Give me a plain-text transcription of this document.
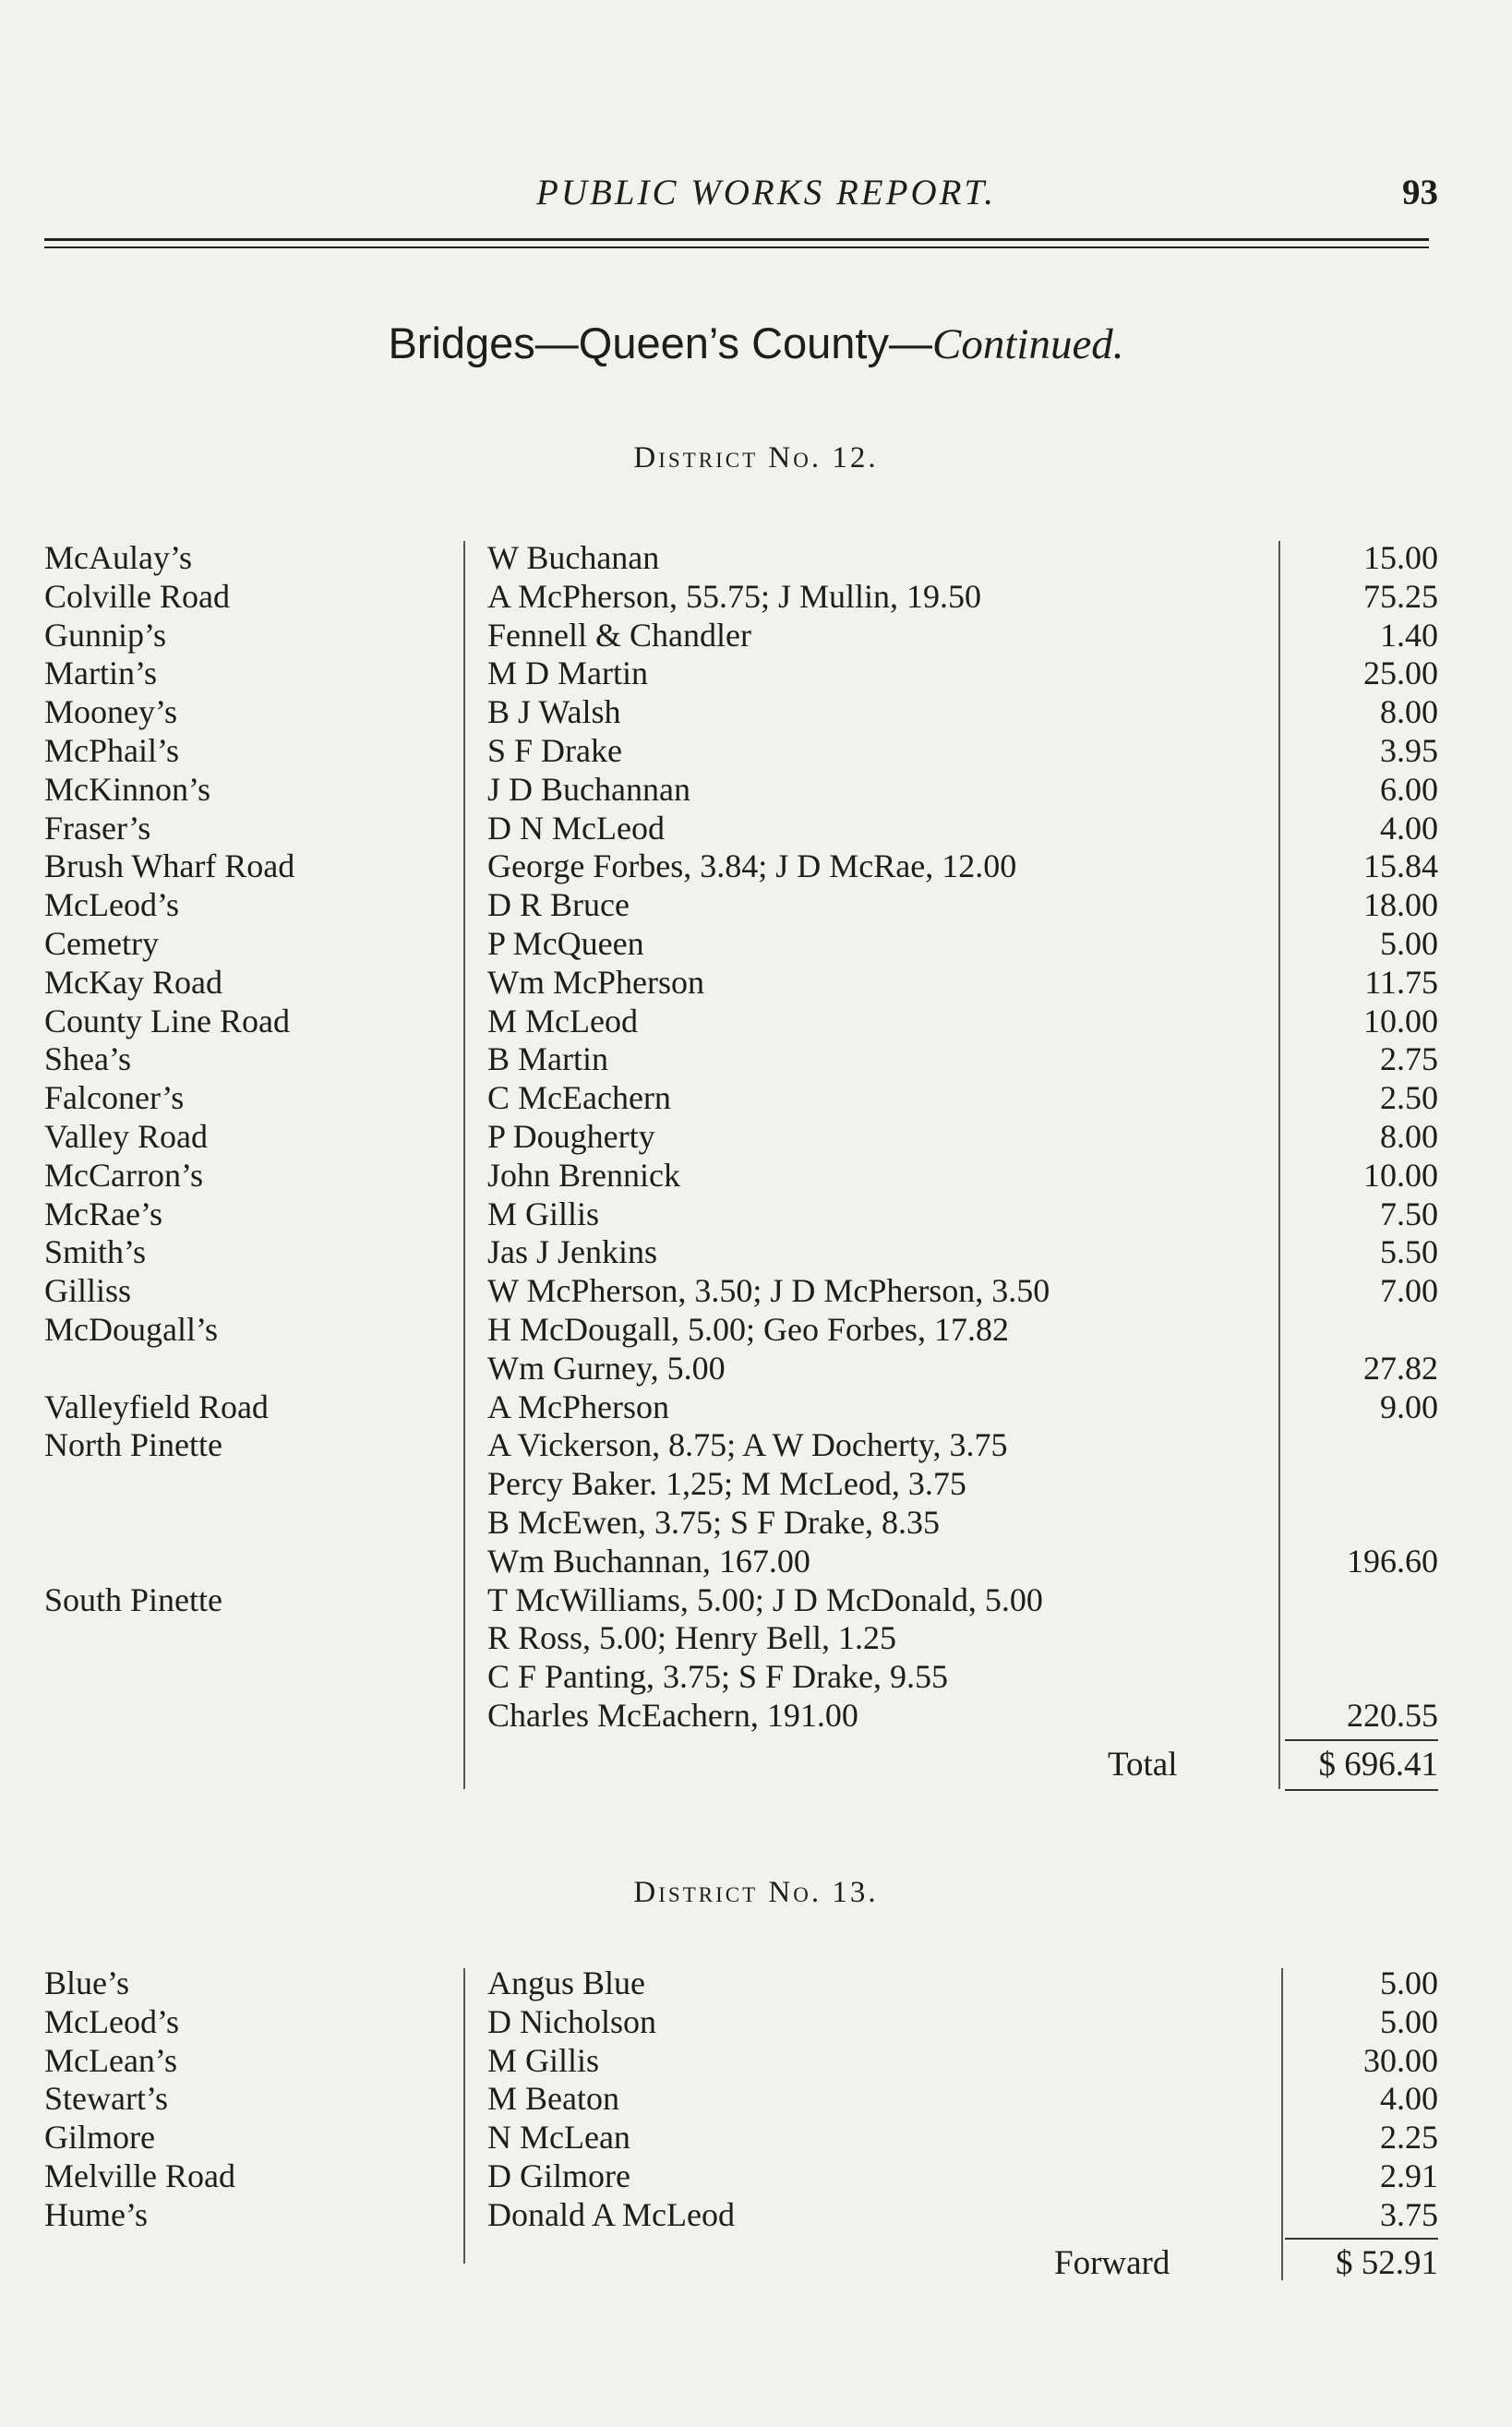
PUBLIC WORKS REPORT.	93
Bridges—Queen’s County—Continued.
District No. 12.
McAulay’s	W Buchanan	15.00
Colville Road	A McPherson, 55.75; J Mullin, 19.50	75.25
Gunnip’s	Fennell & Chandler	1.40
Martin’s	M D Martin	25.00
Mooney’s	B J Walsh	8.00
McPhail’s	S F Drake	3.95
McKinnon’s	J D Buchannan	6.00
Fraser’s	D N McLeod	4.00
Brush Wharf Road	George Forbes, 3.84; J D McRae, 12.00	15.84
McLeod’s	D R Bruce	18.00
Cemetry	P McQueen	5.00
McKay Road	Wm McPherson	11.75
County Line Road	M McLeod	10.00
Shea’s	B Martin	2.75
Falconer’s	C McEachern	2.50
Valley Road	P Dougherty	8.00
McCarron’s	John Brennick	10.00
McRae’s	M Gillis	7.50
Smith’s	Jas J Jenkins	5.50
Gilliss	W McPherson, 3.50; J D McPherson, 3.50	7.00
McDougall’s	H McDougall, 5.00; Geo Forbes, 17.82
Wm Gurney, 5.00	27.82
Valleyfield Road	A McPherson	9.00
North Pinette	A Vickerson, 8.75; A W Docherty, 3.75
Percy Baker. 1,25; M McLeod, 3.75
B McEwen, 3.75; S F Drake, 8.35
Wm Buchannan, 167.00	196.60
South Pinette	T McWilliams, 5.00; J D McDonald, 5.00
R Ross, 5.00; Henry Bell, 1.25
C F Panting, 3.75; S F Drake, 9.55
Charles McEachern, 191.00	220.55
Total	$ 696.41
District No. 13.
Blue’s	Angus Blue	5.00
McLeod’s	D Nicholson	5.00
McLean’s	M Gillis	30.00
Stewart’s	M Beaton	4.00
Gilmore	N McLean	2.25
Melville Road	D Gilmore	2.91
Hume’s	Donald A McLeod	3.75
Forward	$ 52.91
